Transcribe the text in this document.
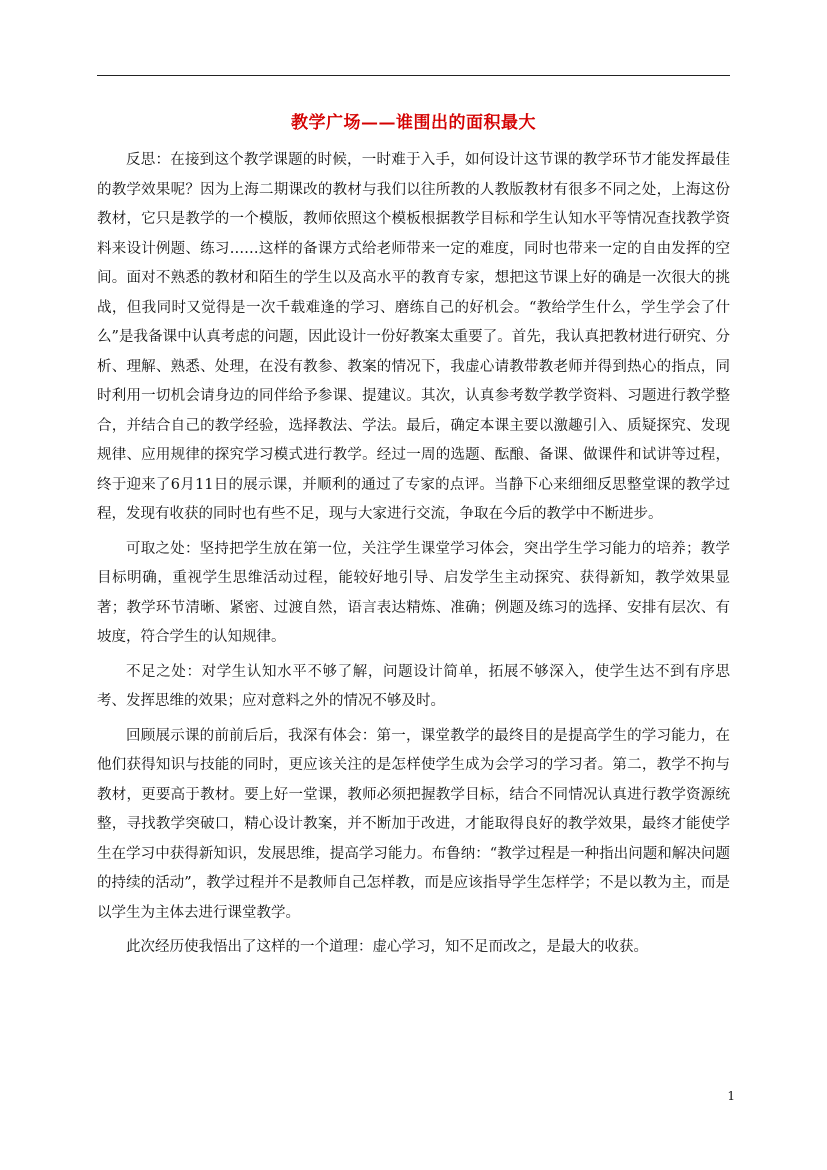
教学广场——谁围出的面积最大

反思：在接到这个教学课题的时候，一时难于入手，如何设计这节课的教学环节才能发挥最佳的教学效果呢？因为上海二期课改的教材与我们以往所教的人教版教材有很多不同之处，上海这份教材，它只是教学的一个模版，教师依照这个模板根据教学目标和学生认知水平等情况查找教学资料来设计例题、练习……这样的备课方式给老师带来一定的难度，同时也带来一定的自由发挥的空间。面对不熟悉的教材和陌生的学生以及高水平的教育专家，想把这节课上好的确是一次很大的挑战，但我同时又觉得是一次千载难逢的学习、磨练自己的好机会。“教给学生什么，学生学会了什么”是我备课中认真考虑的问题，因此设计一份好教案太重要了。首先，我认真把教材进行研究、分析、理解、熟悉、处理，在没有教参、教案的情况下，我虚心请教带教老师并得到热心的指点，同时利用一切机会请身边的同伴给予参课、提建议。其次，认真参考数学教学资料、习题进行教学整合，并结合自己的教学经验，选择教法、学法。最后，确定本课主要以激趣引入、质疑探究、发现规律、应用规律的探究学习模式进行教学。经过一周的选题、酝酿、备课、做课件和试讲等过程，终于迎来了6月11日的展示课，并顺利的通过了专家的点评。当静下心来细细反思整堂课的教学过程，发现有收获的同时也有些不足，现与大家进行交流，争取在今后的教学中不断进步。

可取之处：坚持把学生放在第一位，关注学生课堂学习体会，突出学生学习能力的培养；教学目标明确，重视学生思维活动过程，能较好地引导、启发学生主动探究、获得新知，教学效果显著；教学环节清晰、紧密、过渡自然，语言表达精炼、准确；例题及练习的选择、安排有层次、有坡度，符合学生的认知规律。

不足之处：对学生认知水平不够了解，问题设计简单，拓展不够深入，使学生达不到有序思考、发挥思维的效果；应对意料之外的情况不够及时。

回顾展示课的前前后后，我深有体会：第一，课堂教学的最终目的是提高学生的学习能力，在他们获得知识与技能的同时，更应该关注的是怎样使学生成为会学习的学习者。第二，教学不拘与教材，更要高于教材。要上好一堂课，教师必须把握教学目标，结合不同情况认真进行教学资源统整，寻找教学突破口，精心设计教案，并不断加于改进，才能取得良好的教学效果，最终才能使学生在学习中获得新知识，发展思维，提高学习能力。布鲁纳：“教学过程是一种指出问题和解决问题的持续的活动”，教学过程并不是教师自己怎样教，而是应该指导学生怎样学；不是以教为主，而是以学生为主体去进行课堂教学。

此次经历使我悟出了这样的一个道理：虚心学习，知不足而改之，是最大的收获。

1
